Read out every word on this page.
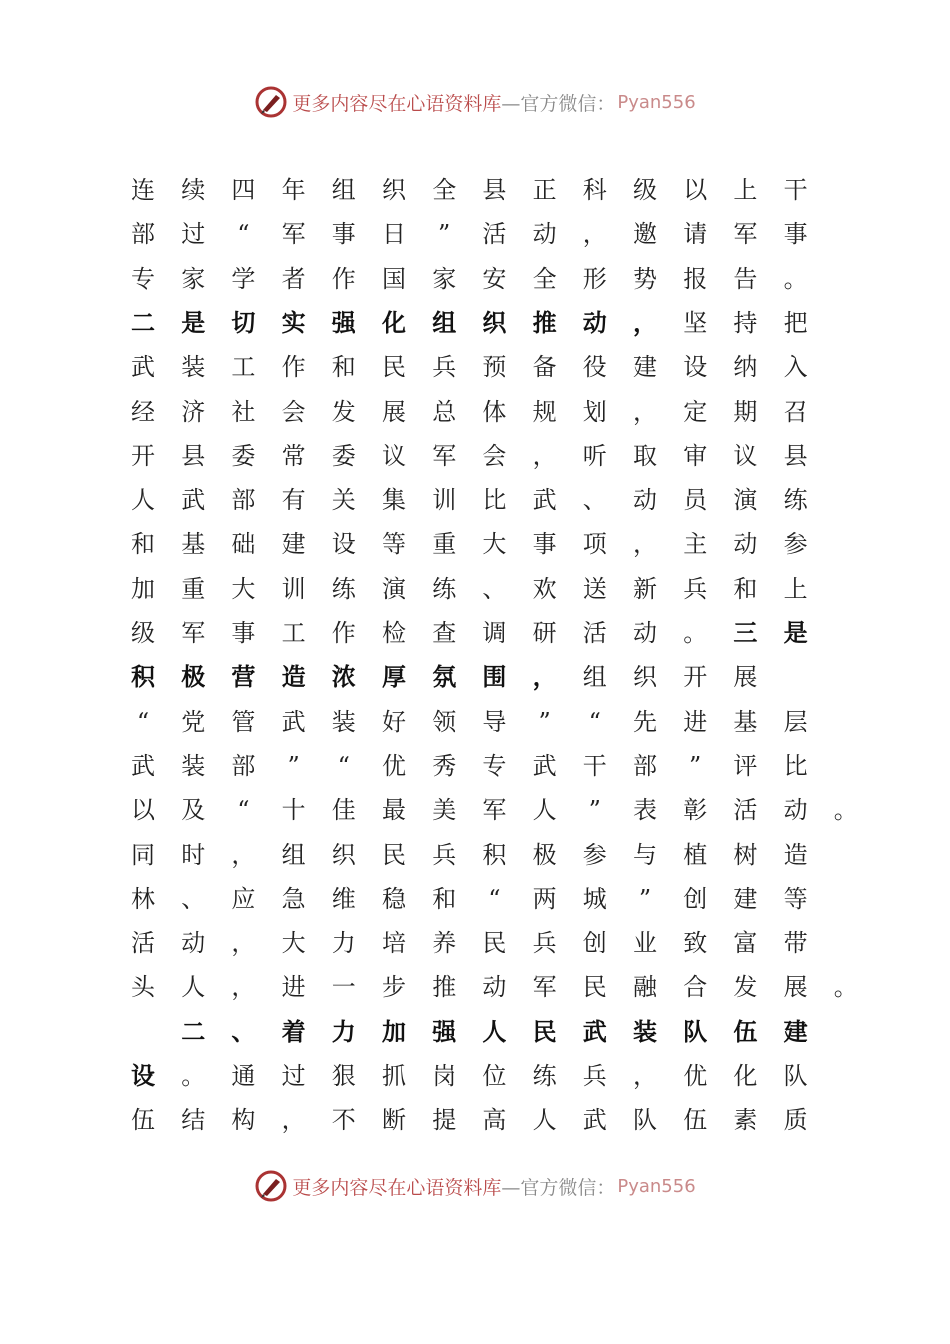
更多内容尽在心语资料库 —官方微信： Pyan556
连	续	四	年	组	织	全	县	正	科	级	以	上	干
部	过	“	军	事	日	”	活	动	，	邀	请	军	事
专	家	学	者	作	国	家	安	全	形	势	报	告	。
二	是	切	实	强	化	组	织	推	动	，	坚	持	把
武	装	工	作	和	民	兵	预	备	役	建	设	纳	入
经	济	社	会	发	展	总	体	规	划	，	定	期	召
开	县	委	常	委	议	军	会	，	听	取	审	议	县
人	武	部	有	关	集	训	比	武	、	动	员	演	练
和	基	础	建	设	等	重	大	事	项	，	主	动	参
加	重	大	训	练	演	练	、	欢	送	新	兵	和	上
级	军	事	工	作	检	查	调	研	活	动	。	三	是
积	极	营	造	浓	厚	氛	围	，	组	织	开	展
“	党	管	武	装	好	领	导	”	“	先	进	基	层
武	装	部	”	“	优	秀	专	武	干	部	”	评	比
以	及	“	十	佳	最	美	军	人	”	表	彰	活	动	。
同	时	，	组	织	民	兵	积	极	参	与	植	树	造
林	、	应	急	维	稳	和	“	两	城	”	创	建	等
活	动	，	大	力	培	养	民	兵	创	业	致	富	带
头	人	，	进	一	步	推	动	军	民	融	合	发	展	。
二	、	着	力	加	强	人	民	武	装	队	伍	建
设	。	通	过	狠	抓	岗	位	练	兵	，	优	化	队
伍	结	构	，	不	断	提	高	人	武	队	伍	素	质
更多内容尽在心语资料库 —官方微信： Pyan556
